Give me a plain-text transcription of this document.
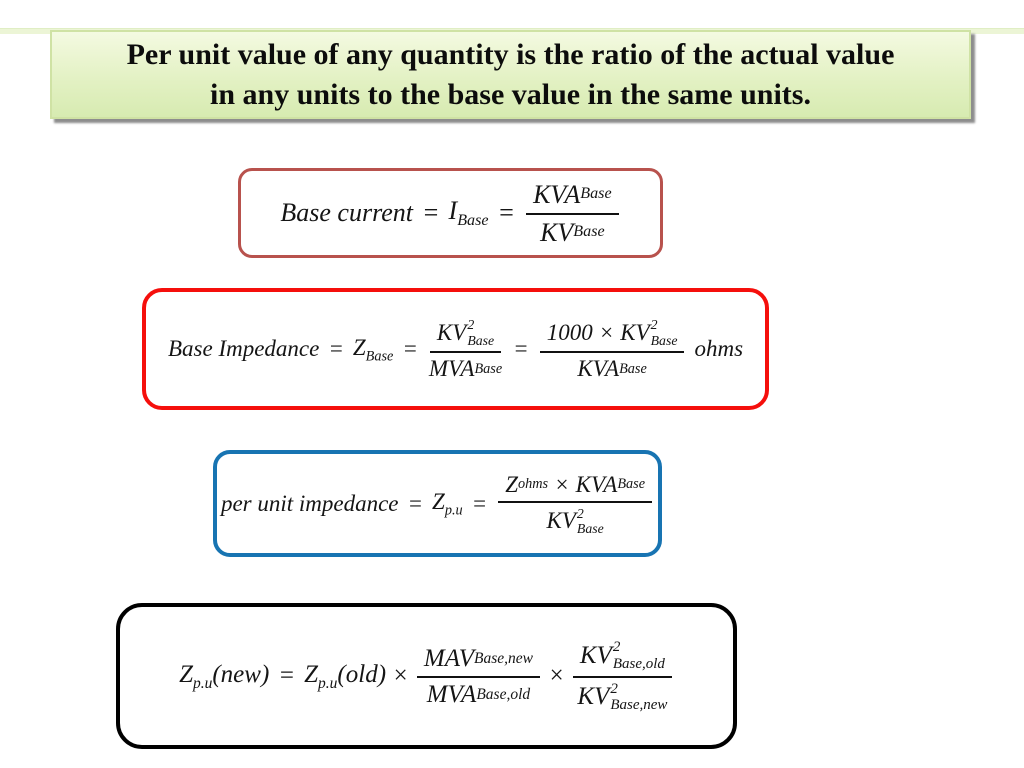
Per unit value of any quantity is the ratio of the actual value
in any units to the base value in the same units.
Base current = $I_{Base} = \frac{\text{KVA Base}}{\text{KV Base}}$
Base Impedance = $Z_{Base}$ = KV 2
Base
MVA Base = 1000 × KV 2
Base
KVA Base ohms
per unit impedance = $Z_{p.u} = Z$ ohms × KVA Base
KV 2
Base
$Z_{p.u}(new) = Z_{p.u}(old) \times \frac{\text{MAV Base,new}}{\text{MVA Base,old}}$ × KV 2
Base,old
KV 2
Base,new
